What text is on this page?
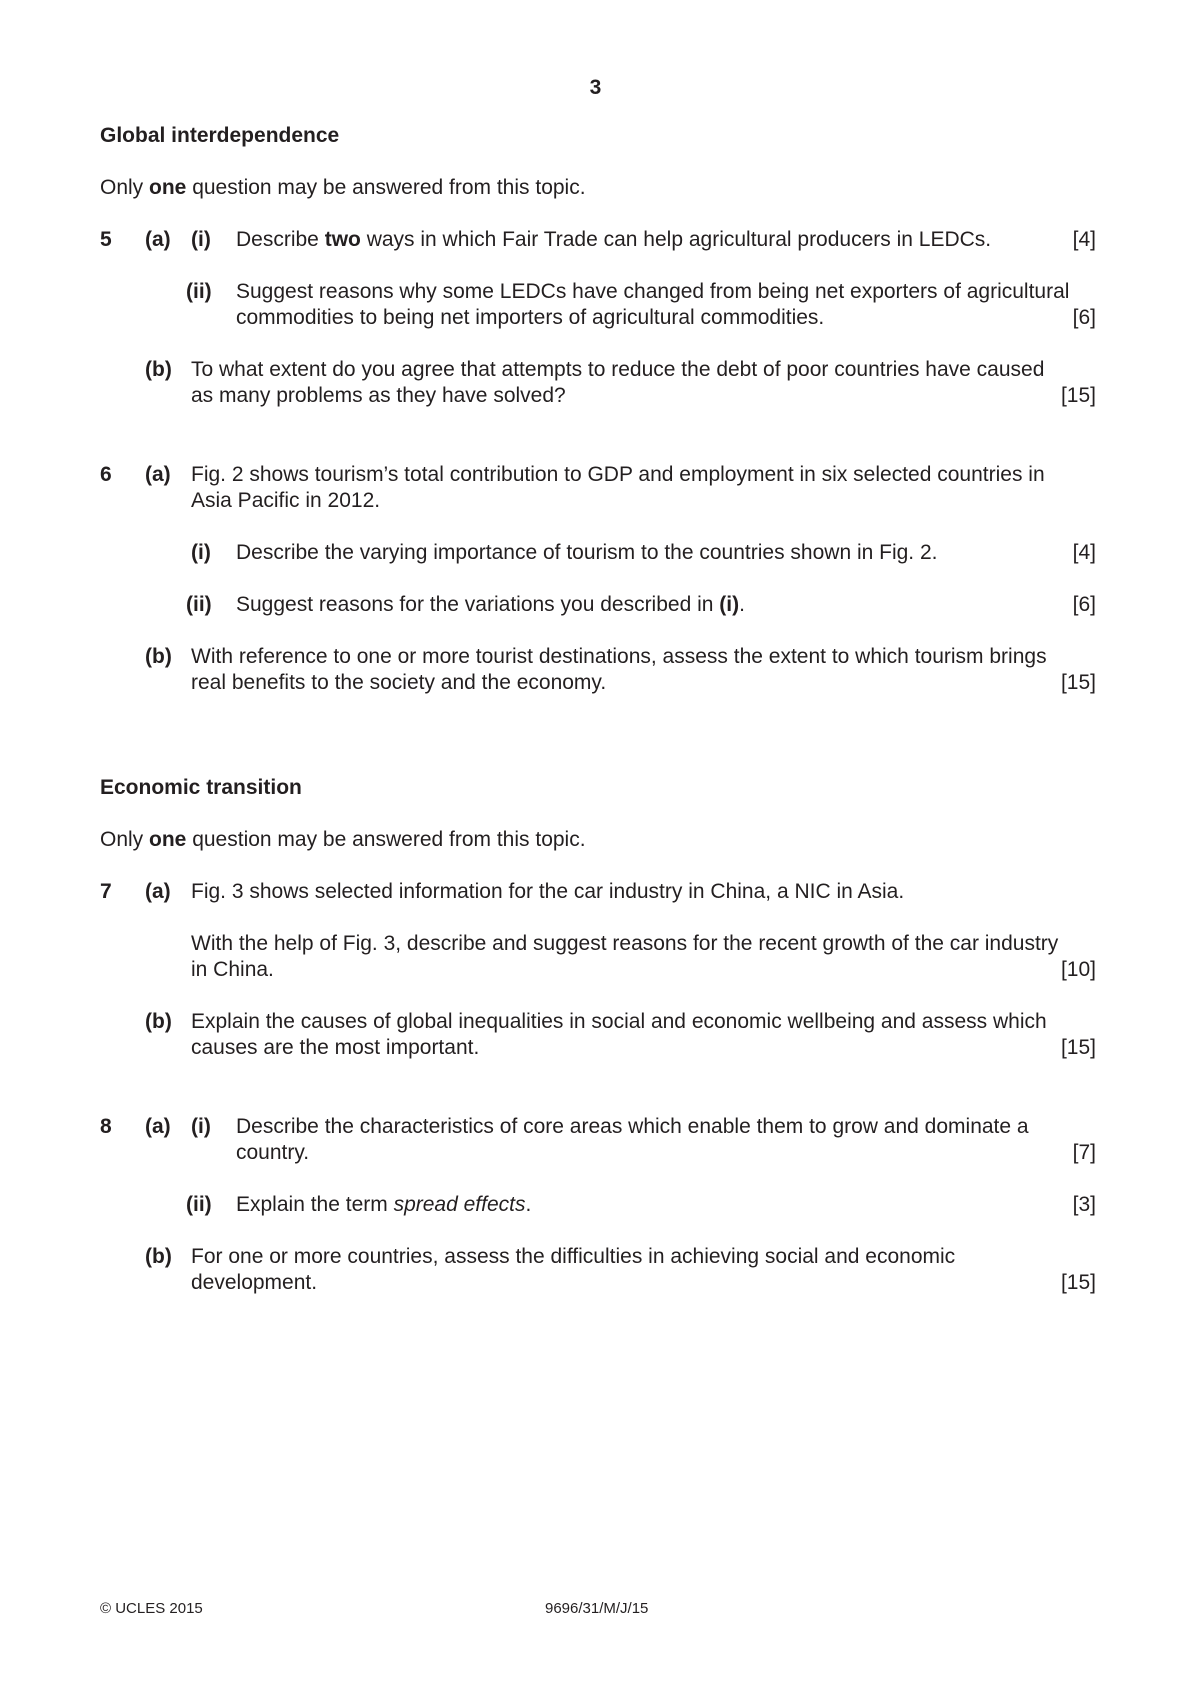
3
Global interdependence
Only one question may be answered from this topic.
5 (a) (i) Describe two ways in which Fair Trade can help agricultural producers in LEDCs.	[4]
(ii) Suggest reasons why some LEDCs have changed from being net exporters of agricultural
commodities to being net importers of agricultural commodities.	[6]
(b) To what extent do you agree that attempts to reduce the debt of poor countries have caused
as many problems as they have solved?	[15]
6 (a) Fig. 2 shows tourism’s total contribution to GDP and employment in six selected countries in
Asia Pacific in 2012.
(i) Describe the varying importance of tourism to the countries shown in Fig. 2.	[4]
(ii) Suggest reasons for the variations you described in (i).	[6]
(b) With reference to one or more tourist destinations, assess the extent to which tourism brings
real benefits to the society and the economy.	[15]
Economic transition
Only one question may be answered from this topic.
7 (a) Fig. 3 shows selected information for the car industry in China, a NIC in Asia.
With the help of Fig. 3, describe and suggest reasons for the recent growth of the car industry
in China.	[10]
(b) Explain the causes of global inequalities in social and economic wellbeing and assess which
causes are the most important.	[15]
8 (a) (i) Describe the characteristics of core areas which enable them to grow and dominate a
country.	[7]
(ii) Explain the term spread effects.	[3]
(b) For one or more countries, assess the difficulties in achieving social and economic
development.	[15]
© UCLES 2015	9696/31/M/J/15
